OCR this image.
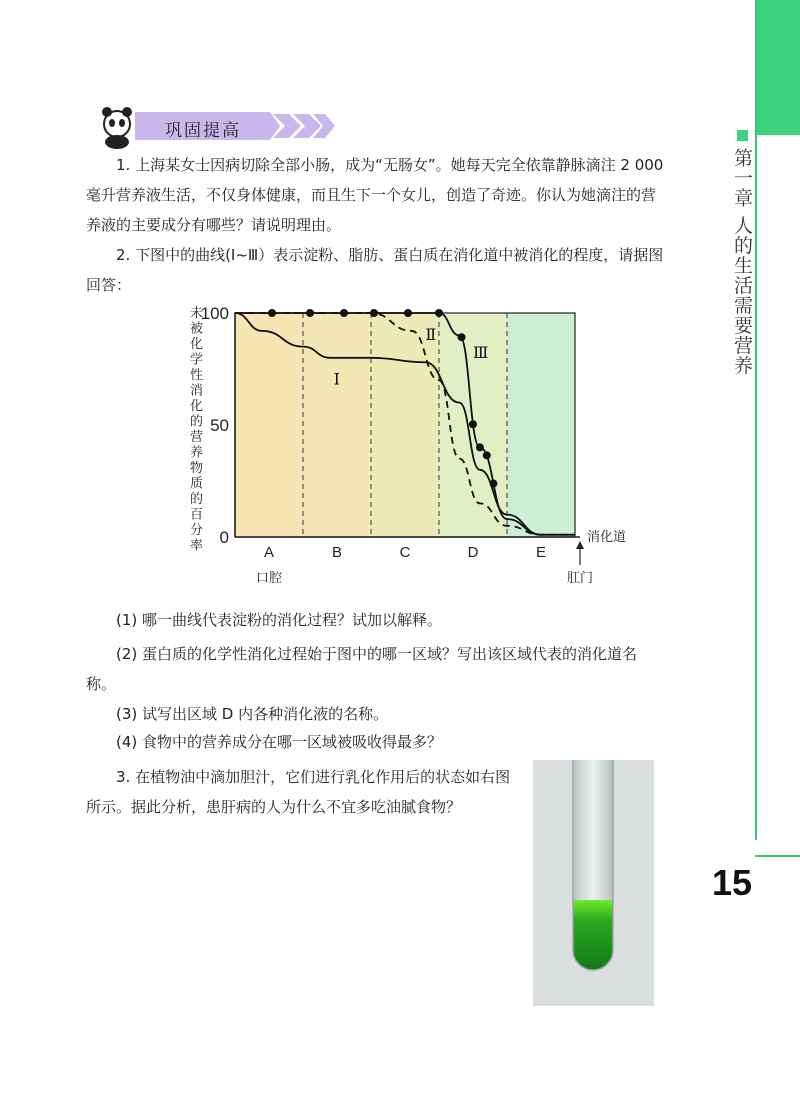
第一章 人的生活需要营养
15
巩固提高
1. 上海某女士因病切除全部小肠，成为“无肠女”。她每天完全依靠静脉滴注 2 000 毫升营养液生活，不仅身体健康，而且生下一个女儿，创造了奇迹。你认为她滴注的营养液的主要成分有哪些？请说明理由。
2. 下图中的曲线(Ⅰ~Ⅲ）表示淀粉、脂肪、蛋白质在消化道中被消化的程度，请据图回答：
未被化学性消化的营养物质的百分率 0
50
100
Ⅰ
Ⅱ
Ⅲ
A	B	C	D	E
口腔	肛门
消化道
(1) 哪一曲线代表淀粉的消化过程？试加以解释。
(2) 蛋白质的化学性消化过程始于图中的哪一区域？写出该区域代表的消化道名称。
(3) 试写出区域 D 内各种消化液的名称。
(4) 食物中的营养成分在哪一区域被吸收得最多？
3. 在植物油中滴加胆汁，它们进行乳化作用后的状态如右图所示。据此分析，患肝病的人为什么不宜多吃油腻食物？
